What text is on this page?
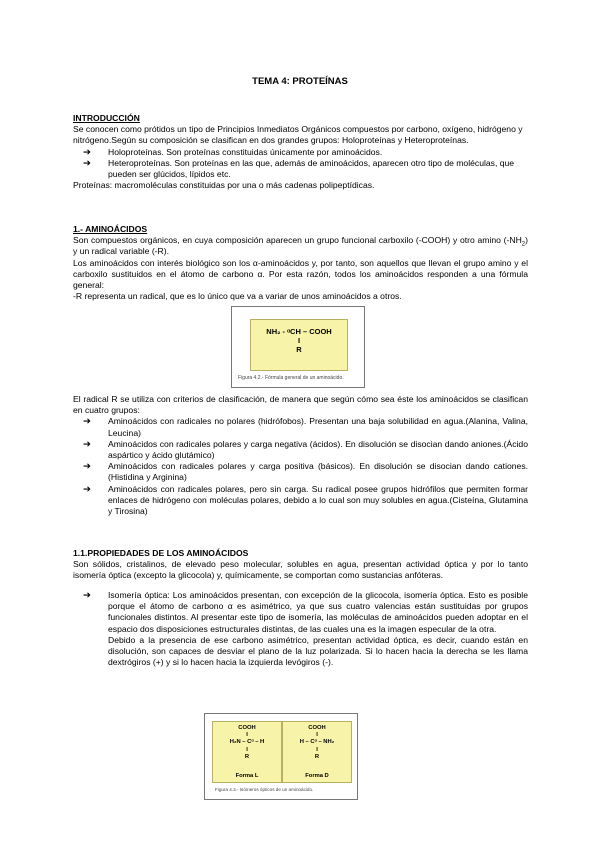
TEMA 4: PROTEÍNAS

INTRODUCCIÓN

Se conocen como prótidos un tipo de Principios Inmediatos Orgánicos compuestos por carbono, oxígeno, hidrógeno y nitrógeno.Según su composición se clasifican en dos grandes grupos: Holoproteínas y Heteroproteínas.

➔ Holoproteínas. Son proteínas constituidas únicamente por aminoácidos.
➔ Heteroproteínas. Son proteínas en las que, además de aminoácidos, aparecen otro tipo de moléculas, que pueden ser glúcidos, lípidos etc.

Proteínas: macromoléculas constituidas por una o más cadenas polipeptídicas.

1.- AMINOÁCIDOS

Son compuestos orgánicos, en cuya composición aparecen un grupo funcional carboxilo (-COOH) y otro amino $(-NH_2)$ y un radical variable (-R).

Los aminoácidos con interés biológico son los α-aminoácidos y, por tanto, son aquellos que llevan el grupo amino y el carboxilo sustituidos en el átomo de carbono α. Por esta razón, todos los aminoácidos responden a una fórmula general:

-R representa un radical, que es lo único que va a variar de unos aminoácidos a otros.

NH₂ - ᵅCH – COOH
I
R
Figura 4.2.- Fórmula general de un aminoácido.

El radical R se utiliza con criterios de clasificación, de manera que según cómo sea éste los aminoácidos se clasifican en cuatro grupos:

➔ Aminoácidos con radicales no polares (hidrófobos). Presentan una baja solubilidad en agua.(Alanina, Valina, Leucina)
➔ Aminoácidos con radicales polares y carga negativa (ácidos). En disolución se disocian dando aniones.(Ácido aspártico y ácido glutámico)
➔ Aminoácidos con radicales polares y carga positiva (básicos). En disolución se disocian dando cationes.(Histidina y Arginina)
➔ Aminoácidos con radicales polares, pero sin carga. Su radical posee grupos hidrófilos que permiten formar enlaces de hidrógeno con moléculas polares, debido a lo cual son muy solubles en agua.(Cisteína, Glutamina y Tirosina)

1.1.PROPIEDADES DE LOS AMINOÁCIDOS

Son sólidos, cristalinos, de elevado peso molecular, solubles en agua, presentan actividad óptica y por lo tanto isomería óptica (excepto la glicocola) y, químicamente, se comportan como sustancias anfóteras.

➔ Isomería óptica: Los aminoácidos presentan, con excepción de la glicocola, isomería óptica. Esto es posible porque el átomo de carbono α es asimétrico, ya que sus cuatro valencias están sustituidas por grupos funcionales distintos. Al presentar este tipo de isomería, las moléculas de aminoácidos pueden adoptar en el espacio dos disposiciones estructurales distintas, de las cuales una es la imagen especular de la otra.

Debido a la presencia de ese carbono asimétrico, presentan actividad óptica, es decir, cuando están en disolución, son capaces de desviar el plano de la luz polarizada. Si lo hacen hacia la derecha se les llama dextrógiros (+) y si lo hacen hacia la izquierda levógiros (-).

COOH
I
H₂N – Cᵅ – H
I
R
Forma L
COOH
I
H – Cᵅ – NH₂
I
R
Forma D
Figura 4.3.- Isómeros ópticos de un aminoácido.
